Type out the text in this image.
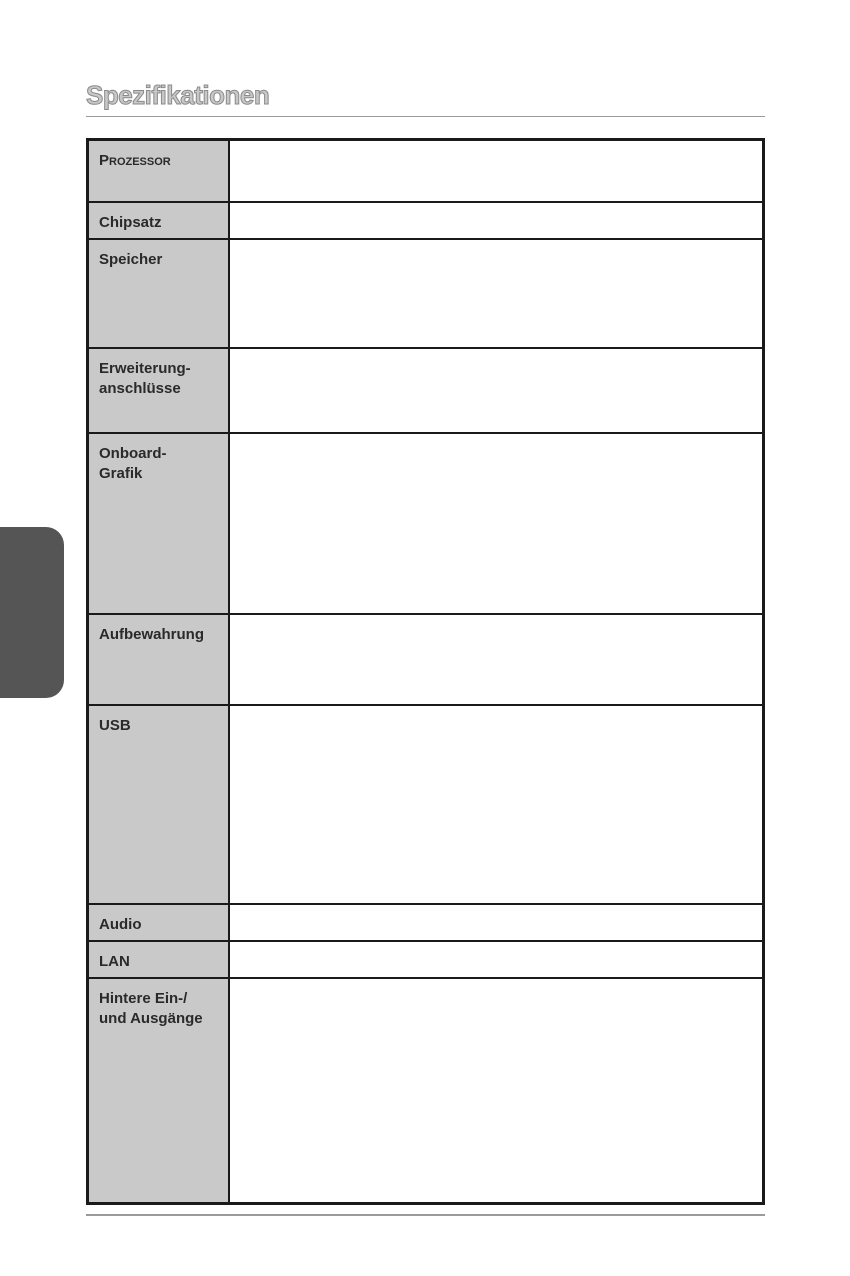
Spezifikationen
Prozessor
Chipsatz
Speicher
Erweiterung-
anschlüsse
Onboard-
Grafik
Aufbewahrung
USB
Audio
LAN
Hintere Ein-/
und Ausgänge
